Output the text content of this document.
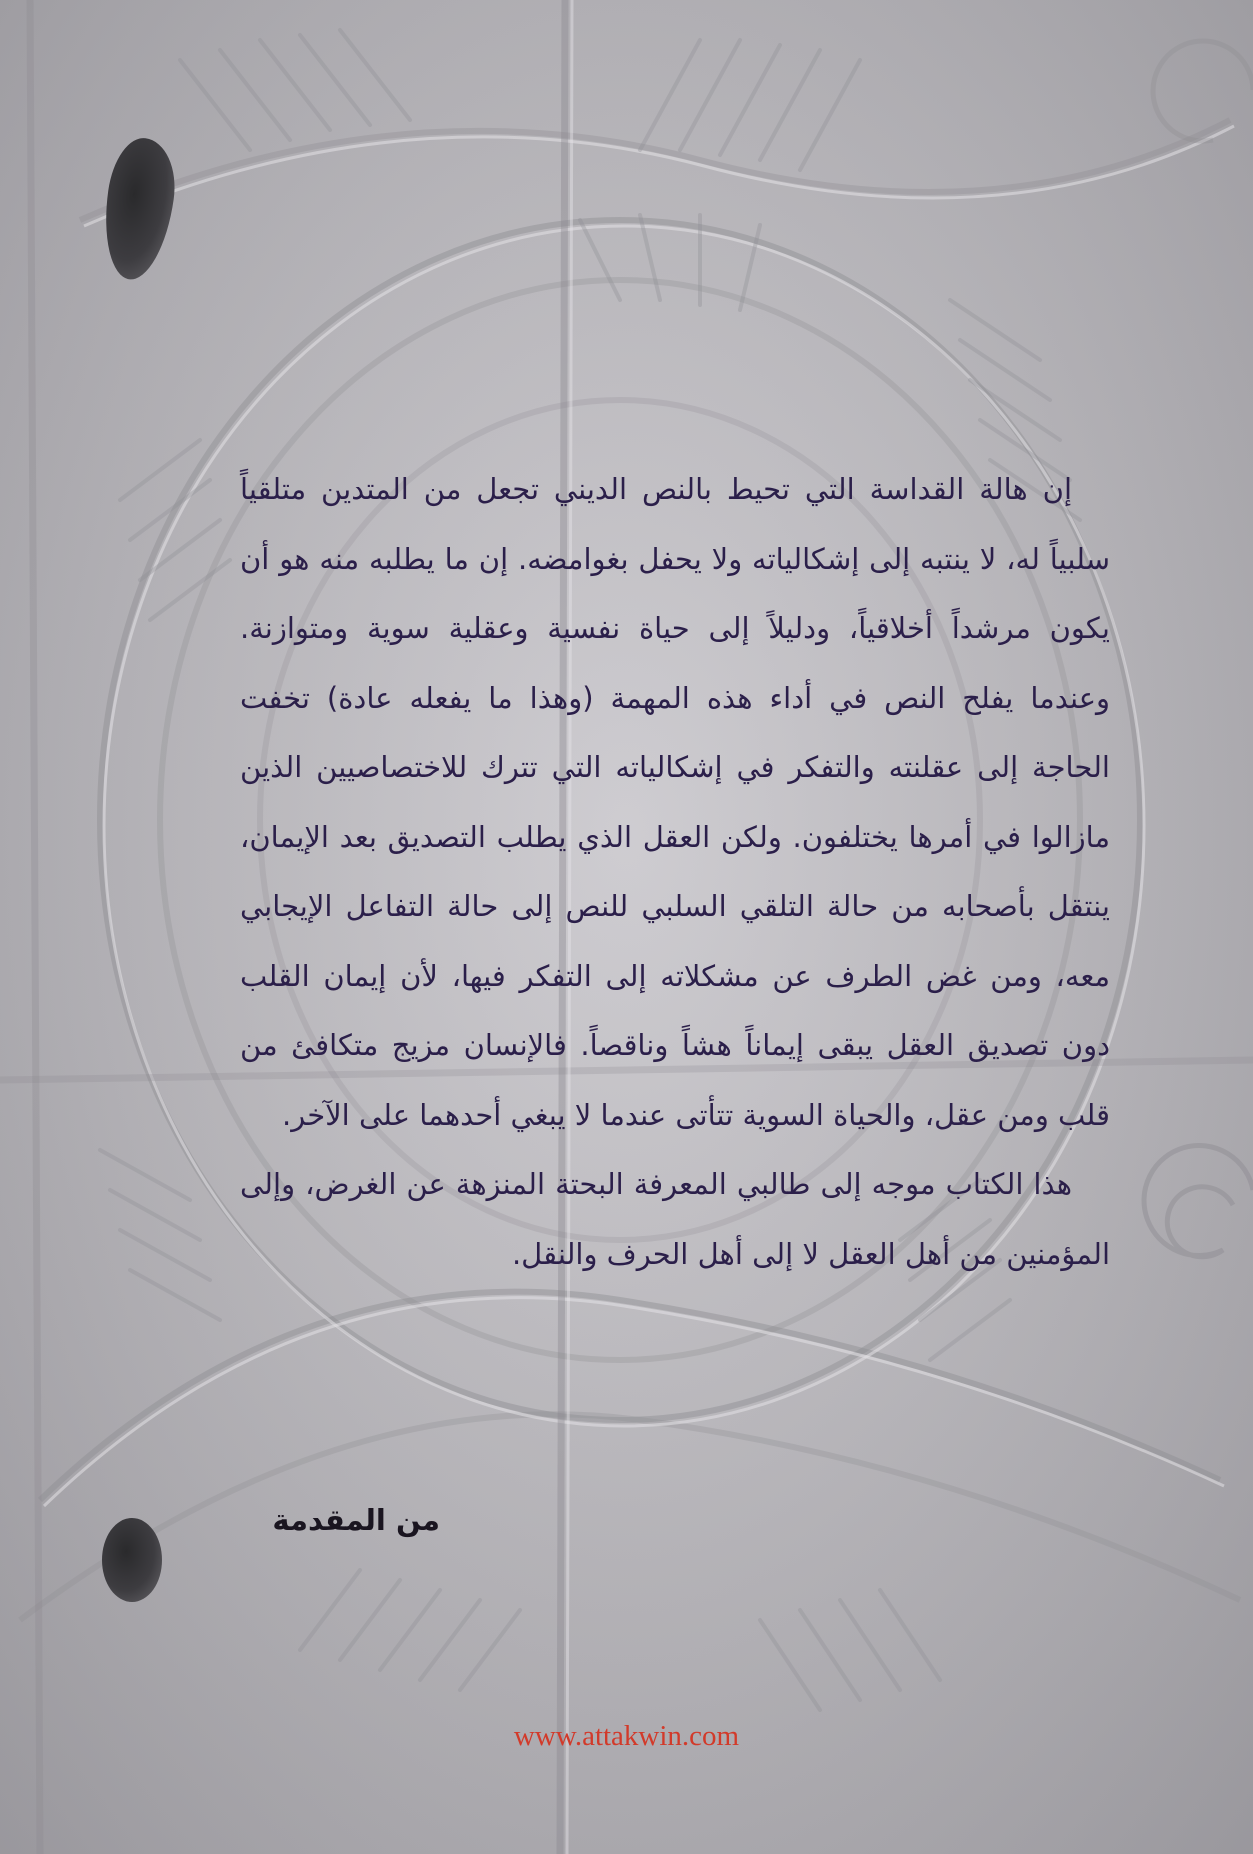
إن هالة القداسة التي تحيط بالنص الديني تجعل من المتدين متلقياً سلبياً له، لا ينتبه إلى إشكالياته ولا يحفل بغوامضه. إن ما يطلبه منه هو أن يكون مرشداً أخلاقياً، ودليلاً إلى حياة نفسية وعقلية سوية ومتوازنة. وعندما يفلح النص في أداء هذه المهمة (وهذا ما يفعله عادة) تخفت الحاجة إلى عقلنته والتفكر في إشكالياته التي تترك للاختصاصيين الذين مازالوا في أمرها يختلفون. ولكن العقل الذي يطلب التصديق بعد الإيمان، ينتقل بأصحابه من حالة التلقي السلبي للنص إلى حالة التفاعل الإيجابي معه، ومن غض الطرف عن مشكلاته إلى التفكر فيها، لأن إيمان القلب دون تصديق العقل يبقى إيماناً هشاً وناقصاً. فالإنسان مزيج متكافئ من قلب ومن عقل، والحياة السوية تتأتى عندما لا يبغي أحدهما على الآخر.

هذا الكتاب موجه إلى طالبي المعرفة البحتة المنزهة عن الغرض، وإلى المؤمنين من أهل العقل لا إلى أهل الحرف والنقل.

من المقدمة
www.attakwin.com
